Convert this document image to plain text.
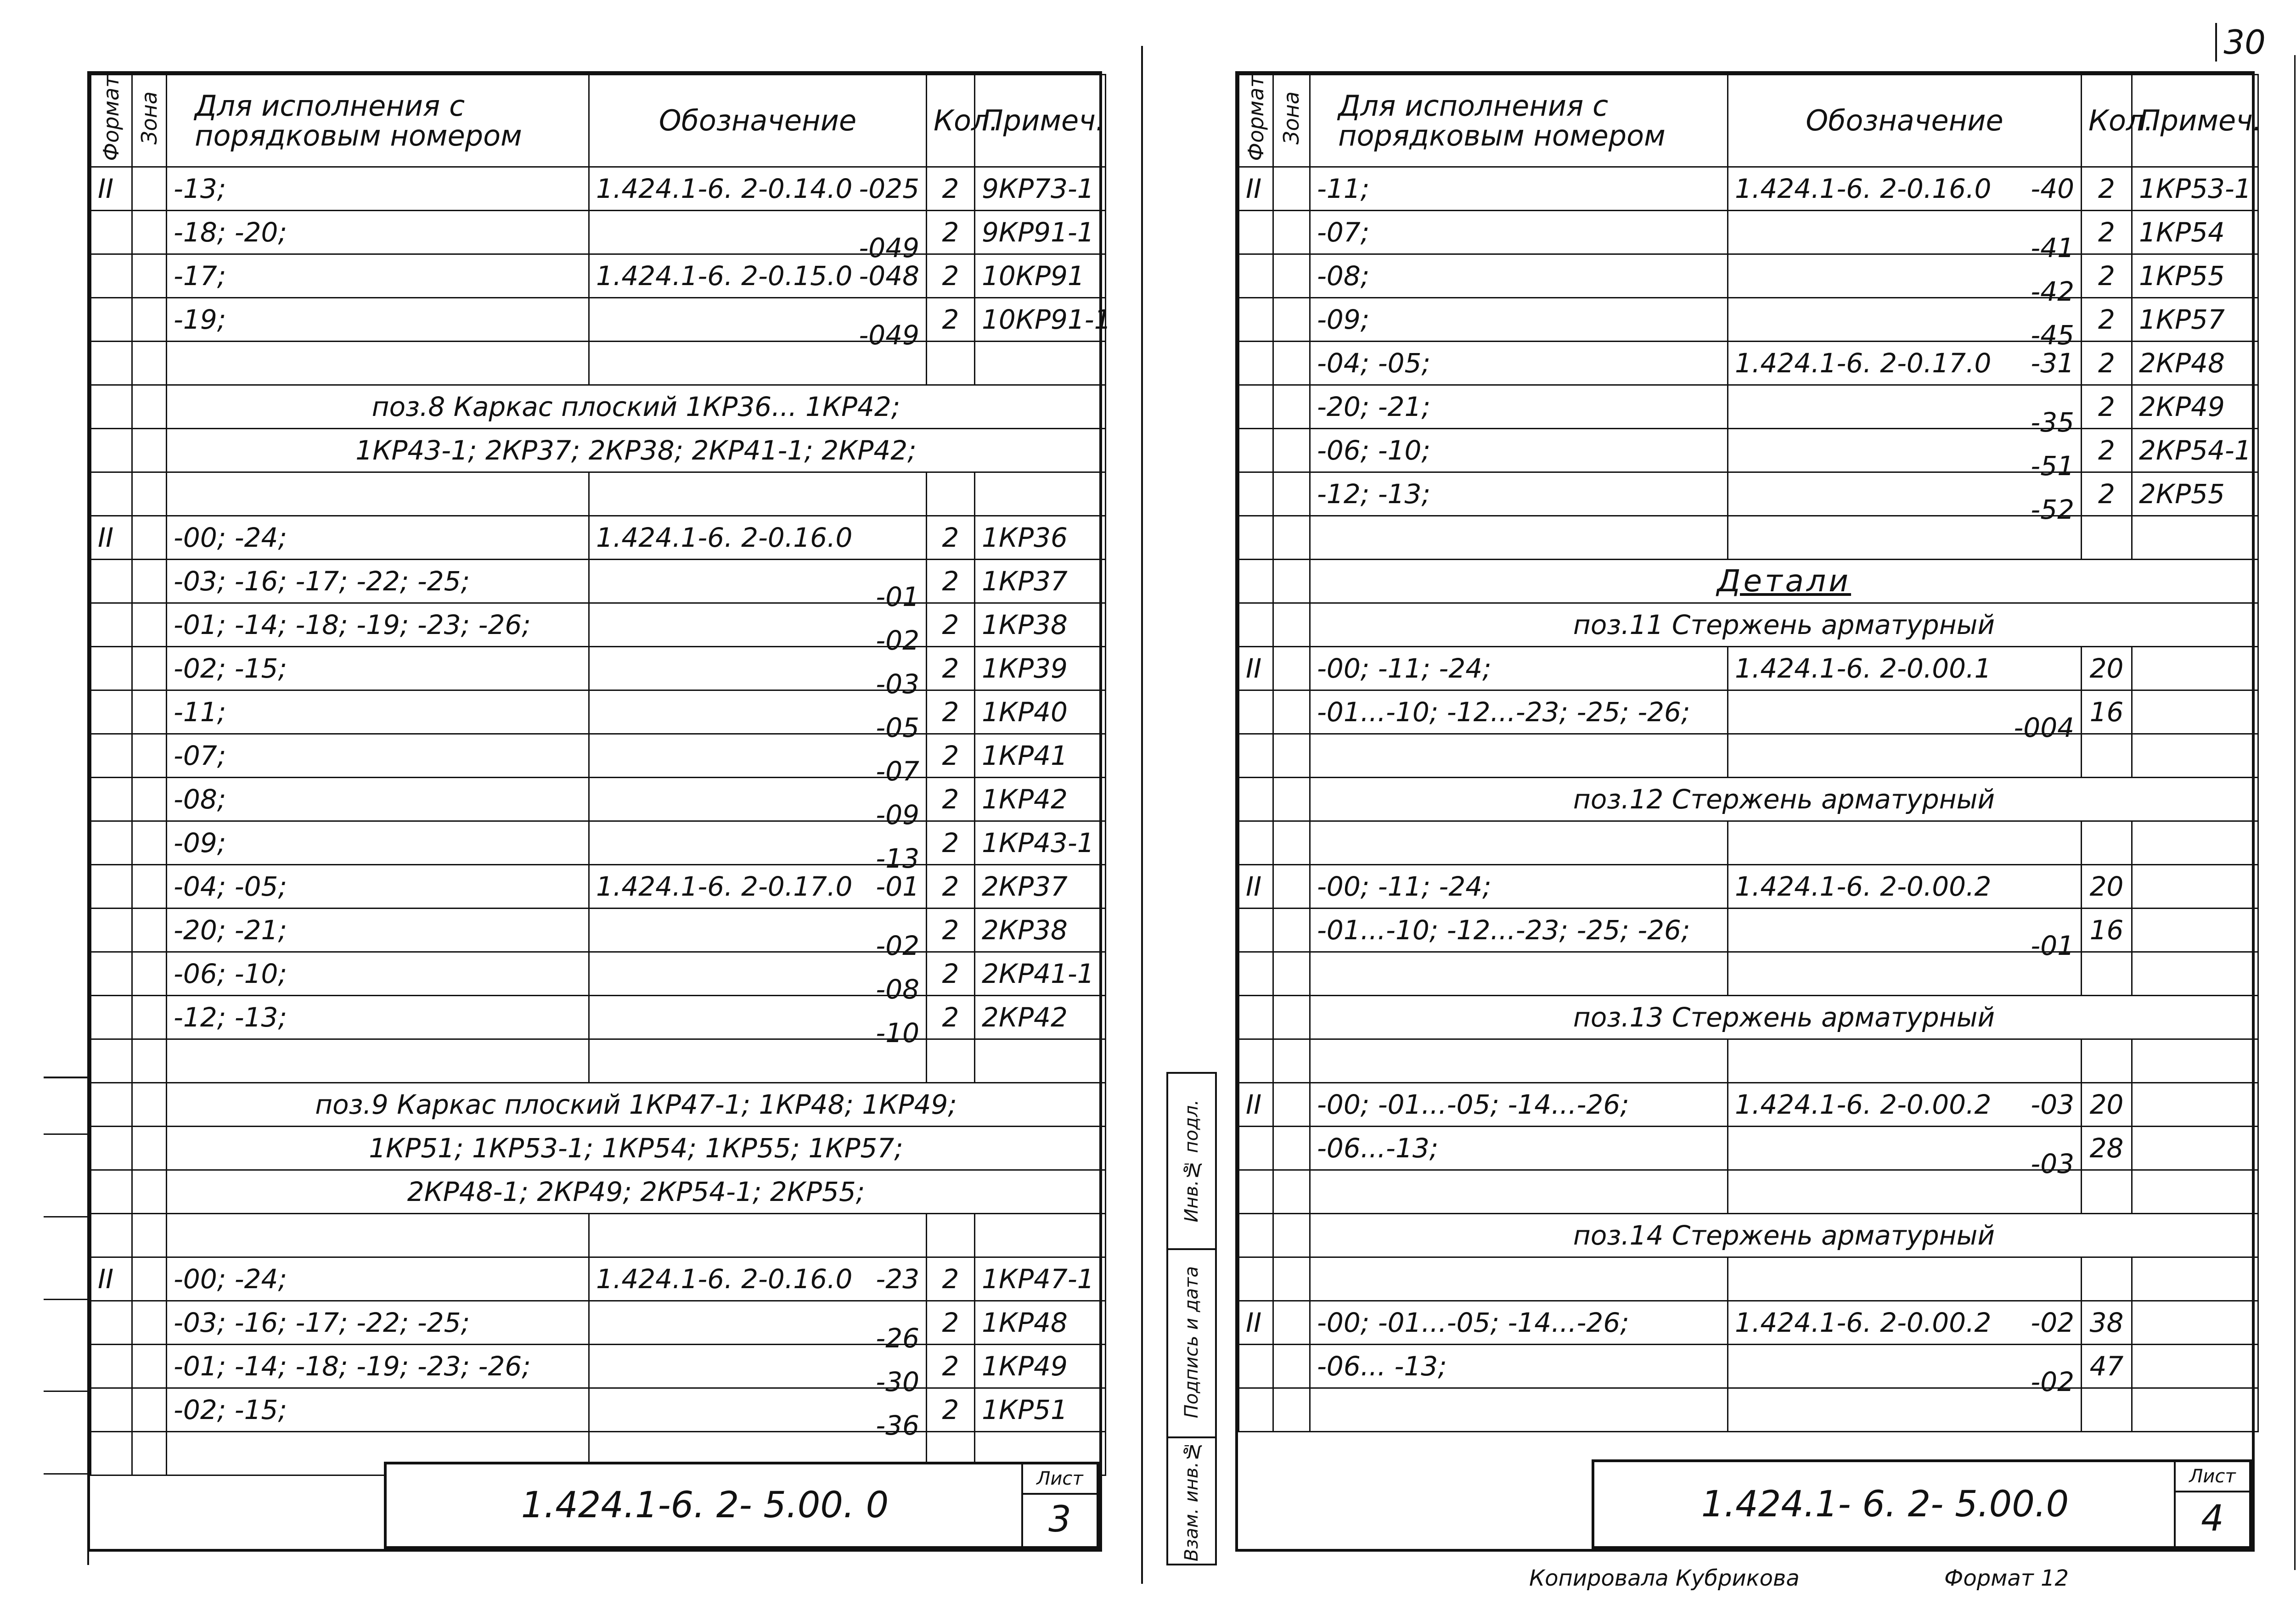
30
Формат	Зона	Для исполнения с порядковым номером	Обозначение	Кол.	Примеч.
II		-13;	1.424.1-6. 2-0.14.0 -025	2	9КР73-1
		-18; -20;	-049	2	9КР91-1
		-17;	1.424.1-6. 2-0.15.0 -048	2	10КР91
		-19;	-049	2	10КР91-1

		поз.8 Каркас плоский 1КР36... 1КР42;			
		1КР43-1; 2КР37; 2КР38; 2КР41-1; 2КР42;			

II		-00; -24;	1.424.1-6. 2-0.16.0	2	1КР36
		-03; -16; -17; -22; -25;	-01	2	1КР37
		-01; -14; -18; -19; -23; -26;	-02	2	1КР38
		-02; -15;	-03	2	1КР39
		-11;	-05	2	1КР40
		-07;	-07	2	1КР41
		-08;	-09	2	1КР42
		-09;	-13	2	1КР43-1
		-04; -05;	1.424.1-6. 2-0.17.0 -01	2	2КР37
		-20; -21;	-02	2	2КР38
		-06; -10;	-08	2	2КР41-1
		-12; -13;	-10	2	2КР42

		поз.9 Каркас плоский 1КР47-1; 1КР48; 1КР49;			
		1КР51; 1КР53-1; 1КР54; 1КР55; 1КР57;			
		2КР48-1; 2КР49; 2КР54-1; 2КР55;			

II		-00; -24;	1.424.1-6. 2-0.16.0 -23	2	1КР47-1
		-03; -16; -17; -22; -25;	-26	2	1КР48
		-01; -14; -18; -19; -23; -26;	-30	2	1КР49
		-02; -15;	-36	2	1КР51

1.424.1-6. 2- 5.00. 0
Лист
3
Инв.№ подл.
Подпись и дата
Взам. инв.№
Формат	Зона	Для исполнения с порядковым номером	Обозначение	Кол.	Примеч.
II		-11;	1.424.1-6. 2-0.16.0 -40	2	1КР53-1
		-07;	-41	2	1КР54
		-08;	-42	2	1КР55
		-09;	-45	2	1КР57
		-04; -05;	1.424.1-6. 2-0.17.0 -31	2	2КР48
		-20; -21;	-35	2	2КР49
		-06; -10;	-51	2	2КР54-1
		-12; -13;	-52	2	2КР55

		Детали			
		поз.11 Стержень арматурный			
II		-00; -11; -24;	1.424.1-6. 2-0.00.1	20	
		-01...-10; -12...-23; -25; -26;	-004	16	

		поз.12 Стержень арматурный			

II		-00; -11; -24;	1.424.1-6. 2-0.00.2	20	
		-01...-10; -12...-23; -25; -26;	-01	16	

		поз.13 Стержень арматурный			

II		-00; -01...-05; -14...-26;	1.424.1-6. 2-0.00.2 -03	20	
		-06...-13;	-03	28	

		поз.14 Стержень арматурный			

II		-00; -01...-05; -14...-26;	1.424.1-6. 2-0.00.2 -02	38	
		-06... -13;	-02	47	

1.424.1- 6. 2- 5.00.0
Лист
4
Копировала Кубрикова	Формат 12
